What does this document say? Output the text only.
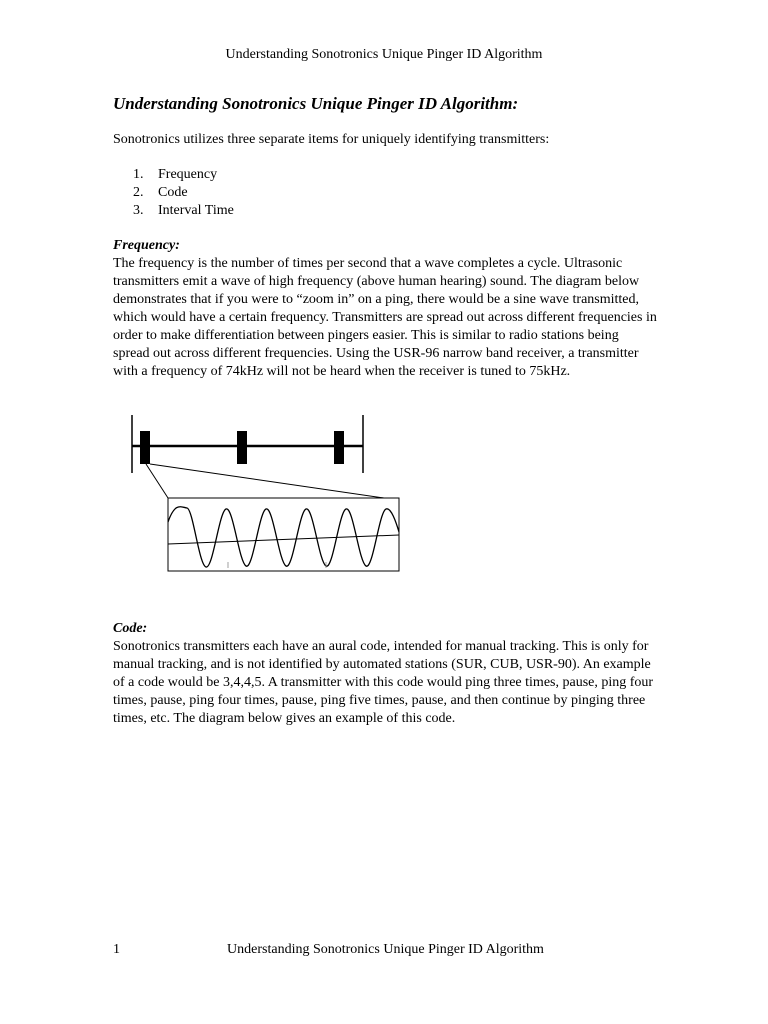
Understanding Sonotronics Unique Pinger ID Algorithm

Understanding Sonotronics Unique Pinger ID Algorithm:

Sonotronics utilizes three separate items for uniquely identifying transmitters:

1. Frequency
2. Code
3. Interval Time

Frequency:

The frequency is the number of times per second that a wave completes a cycle. Ultrasonic transmitters emit a wave of high frequency (above human hearing) sound. The diagram below demonstrates that if you were to “zoom in” on a ping, there would be a sine wave transmitted, which would have a certain frequency. Transmitters are spread out across different frequencies in order to make differentiation between pingers easier. This is similar to radio stations being spread out across different frequencies. Using the USR-96 narrow band receiver, a transmitter with a frequency of 74kHz will not be heard when the receiver is tuned to 75kHz.

Code:

Sonotronics transmitters each have an aural code, intended for manual tracking. This is only for manual tracking, and is not identified by automated stations (SUR, CUB, USR-90). An example of a code would be 3,4,4,5. A transmitter with this code would ping three times, pause, ping four times, pause, ping four times, pause, ping five times, pause, and then continue by pinging three times, etc. The diagram below gives an example of this code.

1	Understanding Sonotronics Unique Pinger ID Algorithm
